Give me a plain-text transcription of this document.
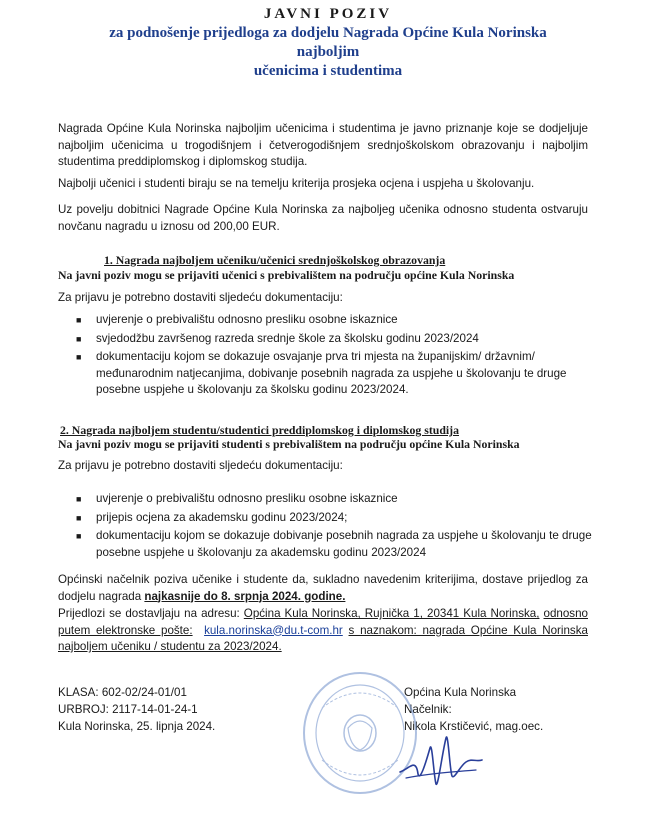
JAVNI POZIV
za podnošenje prijedloga za dodjelu Nagrada Općine Kula Norinska
najboljim
učenicima i studentima
Nagrada Općine Kula Norinska najboljim učenicima i studentima je javno priznanje koje se dodjeljuje najboljim učenicima u trogodišnjem i četverogodišnjem srednjoškolskom obrazovanju i najboljim studentima preddiplomskog i diplomskog studija.
Najbolji učenici i studenti biraju se na temelju kriterija prosjeka ocjena i uspjeha u školovanju.
Uz povelju dobitnici Nagrade Općine Kula Norinska za najboljeg učenika odnosno studenta ostvaruju novčanu nagradu u iznosu od 200,00 EUR.
1. Nagrada najboljem učeniku/učenici srednjoškolskog obrazovanja
Na javni poziv mogu se prijaviti učenici s prebivalištem na području općine Kula Norinska
Za prijavu je potrebno dostaviti sljedeću dokumentaciju:
■ uvjerenje o prebivalištu odnosno presliku osobne iskaznice
■ svjedodžbu završenog razreda srednje škole za školsku godinu 2023/2024
■ dokumentaciju kojom se dokazuje osvajanje prva tri mjesta na županijskim/ državnim/ međunarodnim natjecanjima, dobivanje posebnih nagrada za uspjehe u školovanju te druge posebne uspjehe u školovanju za školsku godinu 2023/2024.
2. Nagrada najboljem studentu/studentici preddiplomskog i diplomskog studija
Na javni poziv mogu se prijaviti studenti s prebivalištem na području općine Kula Norinska
Za prijavu je potrebno dostaviti sljedeću dokumentaciju:
■ uvjerenje o prebivalištu odnosno presliku osobne iskaznice
■ prijepis ocjena za akademsku godinu 2023/2024;
■ dokumentaciju kojom se dokazuje dobivanje posebnih nagrada za uspjehe u školovanju te druge posebne uspjehe u školovanju za akademsku godinu 2023/2024
Općinski načelnik poziva učenike i studente da, sukladno navedenim kriterijima, dostave prijedlog za dodjelu nagrada najkasnije do 8. srpnja 2024. godine.
Prijedlozi se dostavljaju na adresu: Općina Kula Norinska, Rujnička 1, 20341 Kula Norinska, odnosno putem elektronske pošte: kula.norinska@du.t-com.hr s naznakom: nagrada Općine Kula Norinska najboljem učeniku / studentu za 2023/2024.
KLASA: 602-02/24-01/01
URBROJ: 2117-14-01-24-1
Kula Norinska, 25. lipnja 2024.
Općina Kula Norinska
Načelnik:
Nikola Krstičević, mag.oec.
